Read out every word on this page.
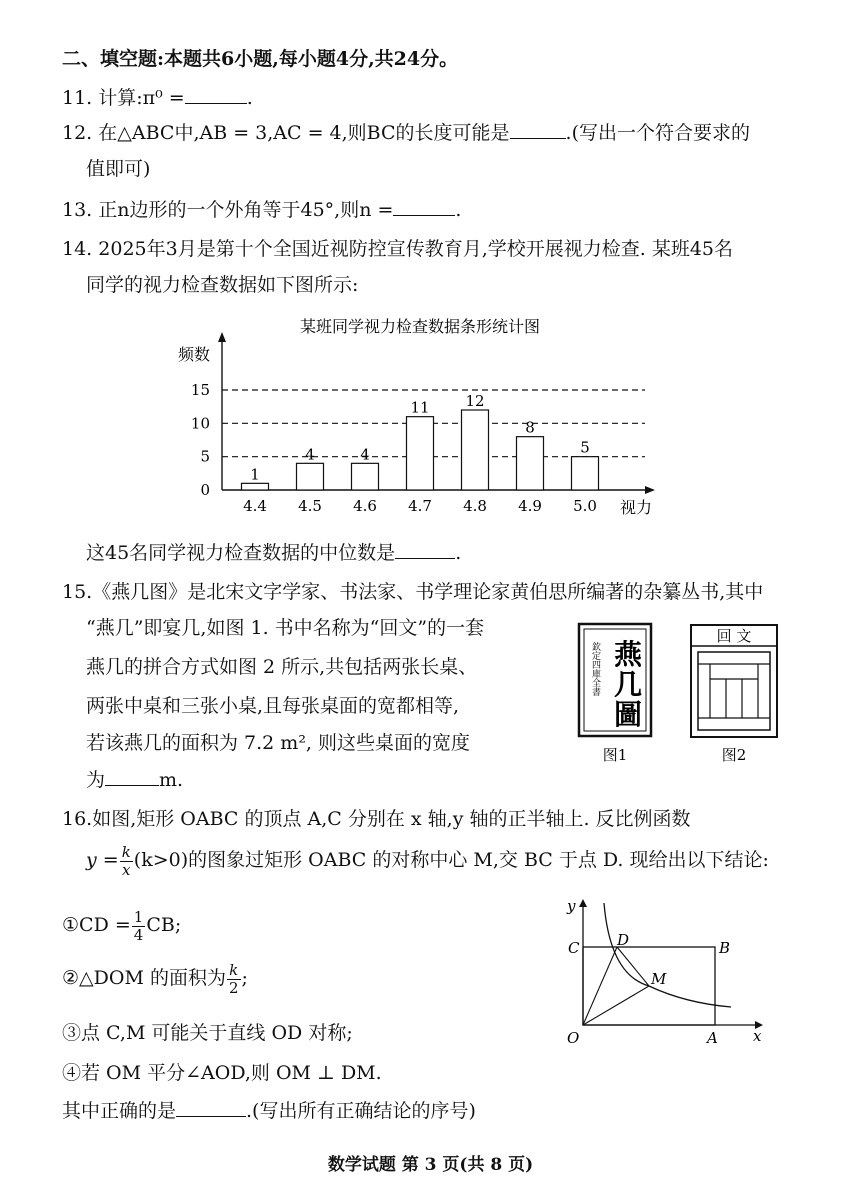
二、填空题:本题共6小题,每小题4分,共24分。
11. 计算:π⁰ =	.
12. 在△ABC中,AB = 3,AC = 4,则BC的长度可能是	.(写出一个符合要求的
值即可)
13. 正n边形的一个外角等于45°,则n =	.
14. 2025年3月是第十个全国近视防控宣传教育月,学校开展视力检查. 某班45名
同学的视力检查数据如下图所示:
某班同学视力检查数据条形统计图
频数
视力
0
5
10
15
1
4.4
4
4.5
4
4.6
11
4.7
12
4.8
8
4.9
5
5.0
这45名同学视力检查数据的中位数是	.
15.《燕几图》是北宋文字学家、书法家、书学理论家黄伯思所编著的杂纂丛书,其中
“燕几”即宴几,如图 1. 书中名称为“回文”的一套
燕几的拼合方式如图 2 所示,共包括两张长桌、
两张中桌和三张小桌,且每张桌面的宽都相等,
若该燕几的面积为 7.2 m², 则这些桌面的宽度
为	m.
欽定四庫全書 燕
几
圖
图1
回 文
图2
16.如图,矩形 OABC 的顶点 A,C 分别在 x 轴,y 轴的正半轴上. 反比例函数
$y = \frac{k}{x} (k>0)$的图象过矩形 OABC 的对称中心 M,交 BC 于点 D. 现给出以下结论:
①CD = $\frac{1}{4}$ CB;
②△DOM 的面积为 $\frac{k}{2}$ ;
③点 C,M 可能关于直线 OD 对称;
④若 OM 平分∠AOD,则 OM ⊥ DM.
其中正确的是	.(写出所有正确结论的序号)
y
x
O	A
B
C	D
M
数学试题 第 3 页(共 8 页)
